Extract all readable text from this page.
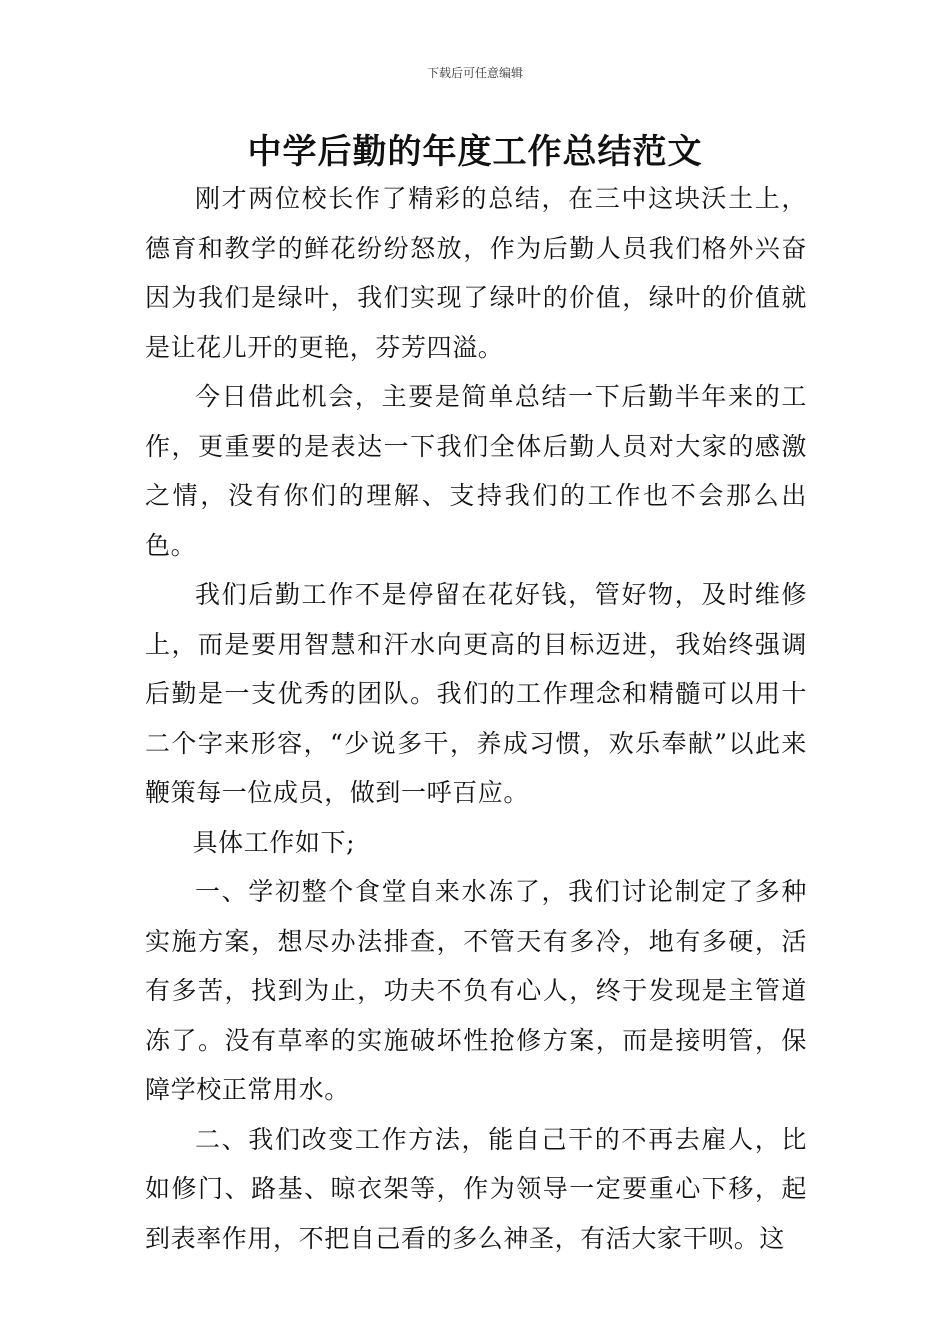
下载后可任意编辑
中学后勤的年度工作总结范文

刚才两位校长作了精彩的总结，在三中这块沃土上，德育和教学的鲜花纷纷怒放，作为后勤人员我们格外兴奋因为我们是绿叶，我们实现了绿叶的价值，绿叶的价值就是让花儿开的更艳，芬芳四溢。

今日借此机会，主要是简单总结一下后勤半年来的工作，更重要的是表达一下我们全体后勤人员对大家的感激之情，没有你们的理解、支持我们的工作也不会那么出色。

我们后勤工作不是停留在花好钱，管好物，及时维修上，而是要用智慧和汗水向更高的目标迈进，我始终强调后勤是一支优秀的团队。我们的工作理念和精髓可以用十二个字来形容，“少说多干，养成习惯，欢乐奉献”以此来鞭策每一位成员，做到一呼百应。

具体工作如下;

一、学初整个食堂自来水冻了，我们讨论制定了多种实施方案，想尽办法排查，不管天有多冷，地有多硬，活有多苦，找到为止，功夫不负有心人，终于发现是主管道冻了。没有草率的实施破坏性抢修方案，而是接明管，保障学校正常用水。

二、我们改变工作方法，能自己干的不再去雇人，比如修门、路基、晾衣架等，作为领导一定要重心下移，起到表率作用，不把自己看的多么神圣，有活大家干呗。这
